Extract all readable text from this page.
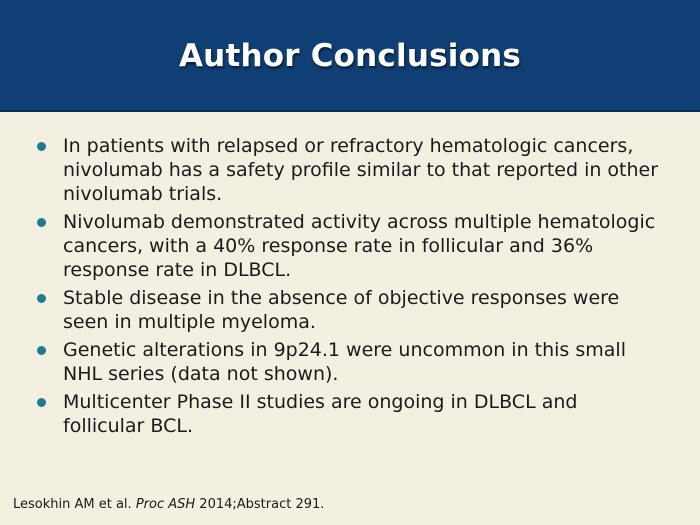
Author Conclusions
In patients with relapsed or refractory hematologic cancers, nivolumab has a safety profile similar to that reported in other nivolumab trials.
Nivolumab demonstrated activity across multiple hematologic cancers, with a 40% response rate in follicular and 36% response rate in DLBCL.
Stable disease in the absence of objective responses were seen in multiple myeloma.
Genetic alterations in 9p24.1 were uncommon in this small NHL series (data not shown).
Multicenter Phase II studies are ongoing in DLBCL and follicular BCL.
Lesokhin AM et al. Proc ASH 2014;Abstract 291.
